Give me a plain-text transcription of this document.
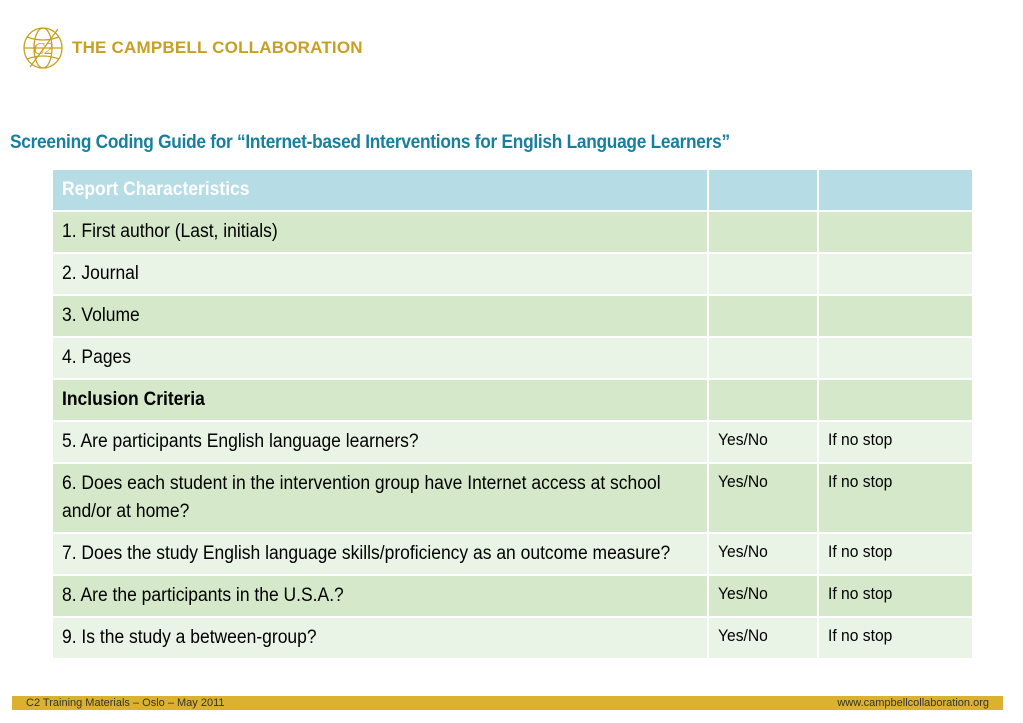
C2 THE CAMPBELL COLLABORATION
Screening Coding Guide for “Internet-based Interventions for English Language Learners”
Report Characteristics		
1. First author (Last, initials)		
2. Journal		
3. Volume		
4. Pages		
Inclusion Criteria		
5. Are participants English language learners?	Yes/No	If no stop
6. Does each student in the intervention group have Internet access at school and/or at home?	Yes/No	If no stop
7. Does the study English language skills/proficiency as an outcome measure?	Yes/No	If no stop
8. Are the participants in the U.S.A.?	Yes/No	If no stop
9. Is the study a between-group?	Yes/No	If no stop
C2 Training Materials – Oslo – May 2011	www.campbellcollaboration.org
